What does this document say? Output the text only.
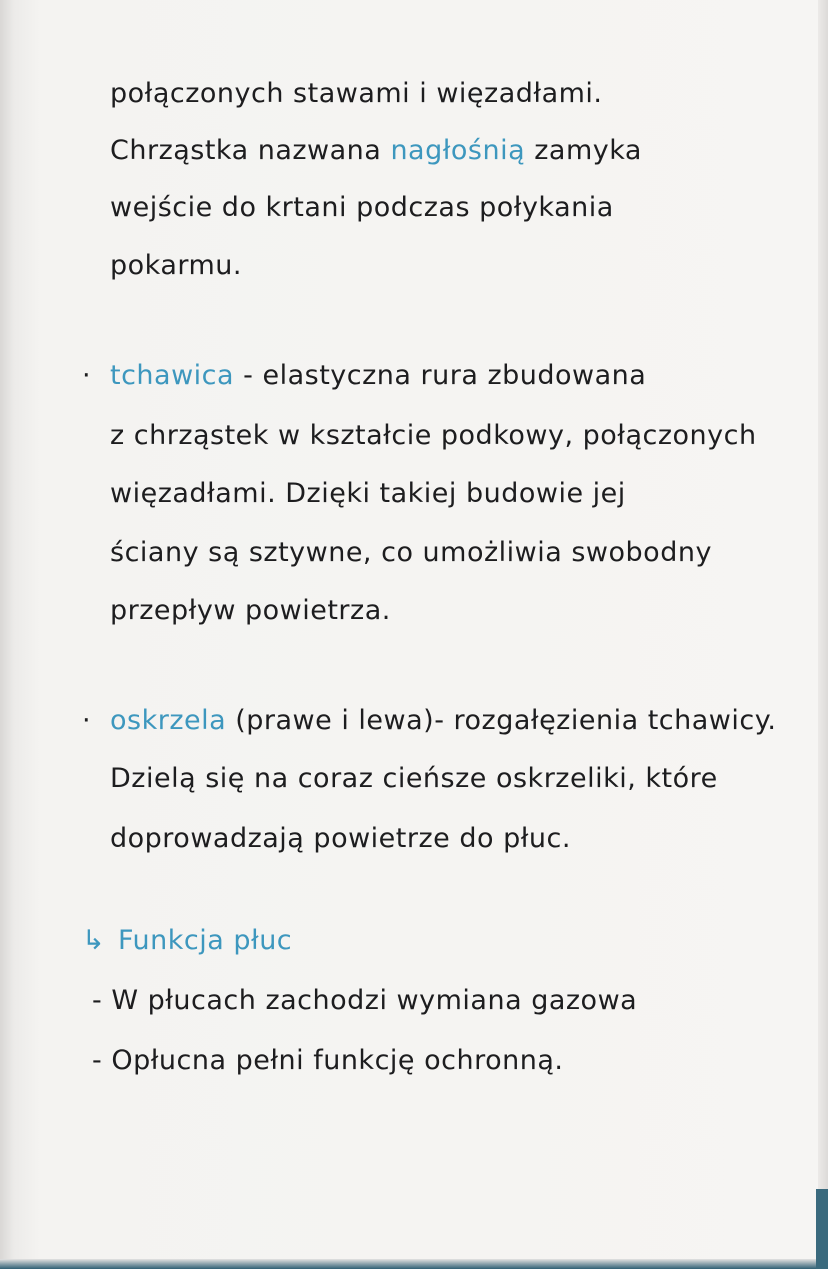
połączonych stawami i więzadłami.
Chrząstka nazwana nagłośnią zamyka
wejście do krtani podczas połykania
pokarmu.
· tchawica - elastyczna rura zbudowana
z chrząstek w kształcie podkowy, połączonych
więzadłami. Dzięki takiej budowie jej
ściany są sztywne, co umożliwia swobodny
przepływ powietrza.
· oskrzela (prawe i lewa)- rozgałęzienia tchawicy.
Dzielą się na coraz cieńsze oskrzeliki, które
doprowadzają powietrze do płuc.
↳ Funkcja płuc
- W płucach zachodzi wymiana gazowa
- Opłucna pełni funkcję ochronną.
